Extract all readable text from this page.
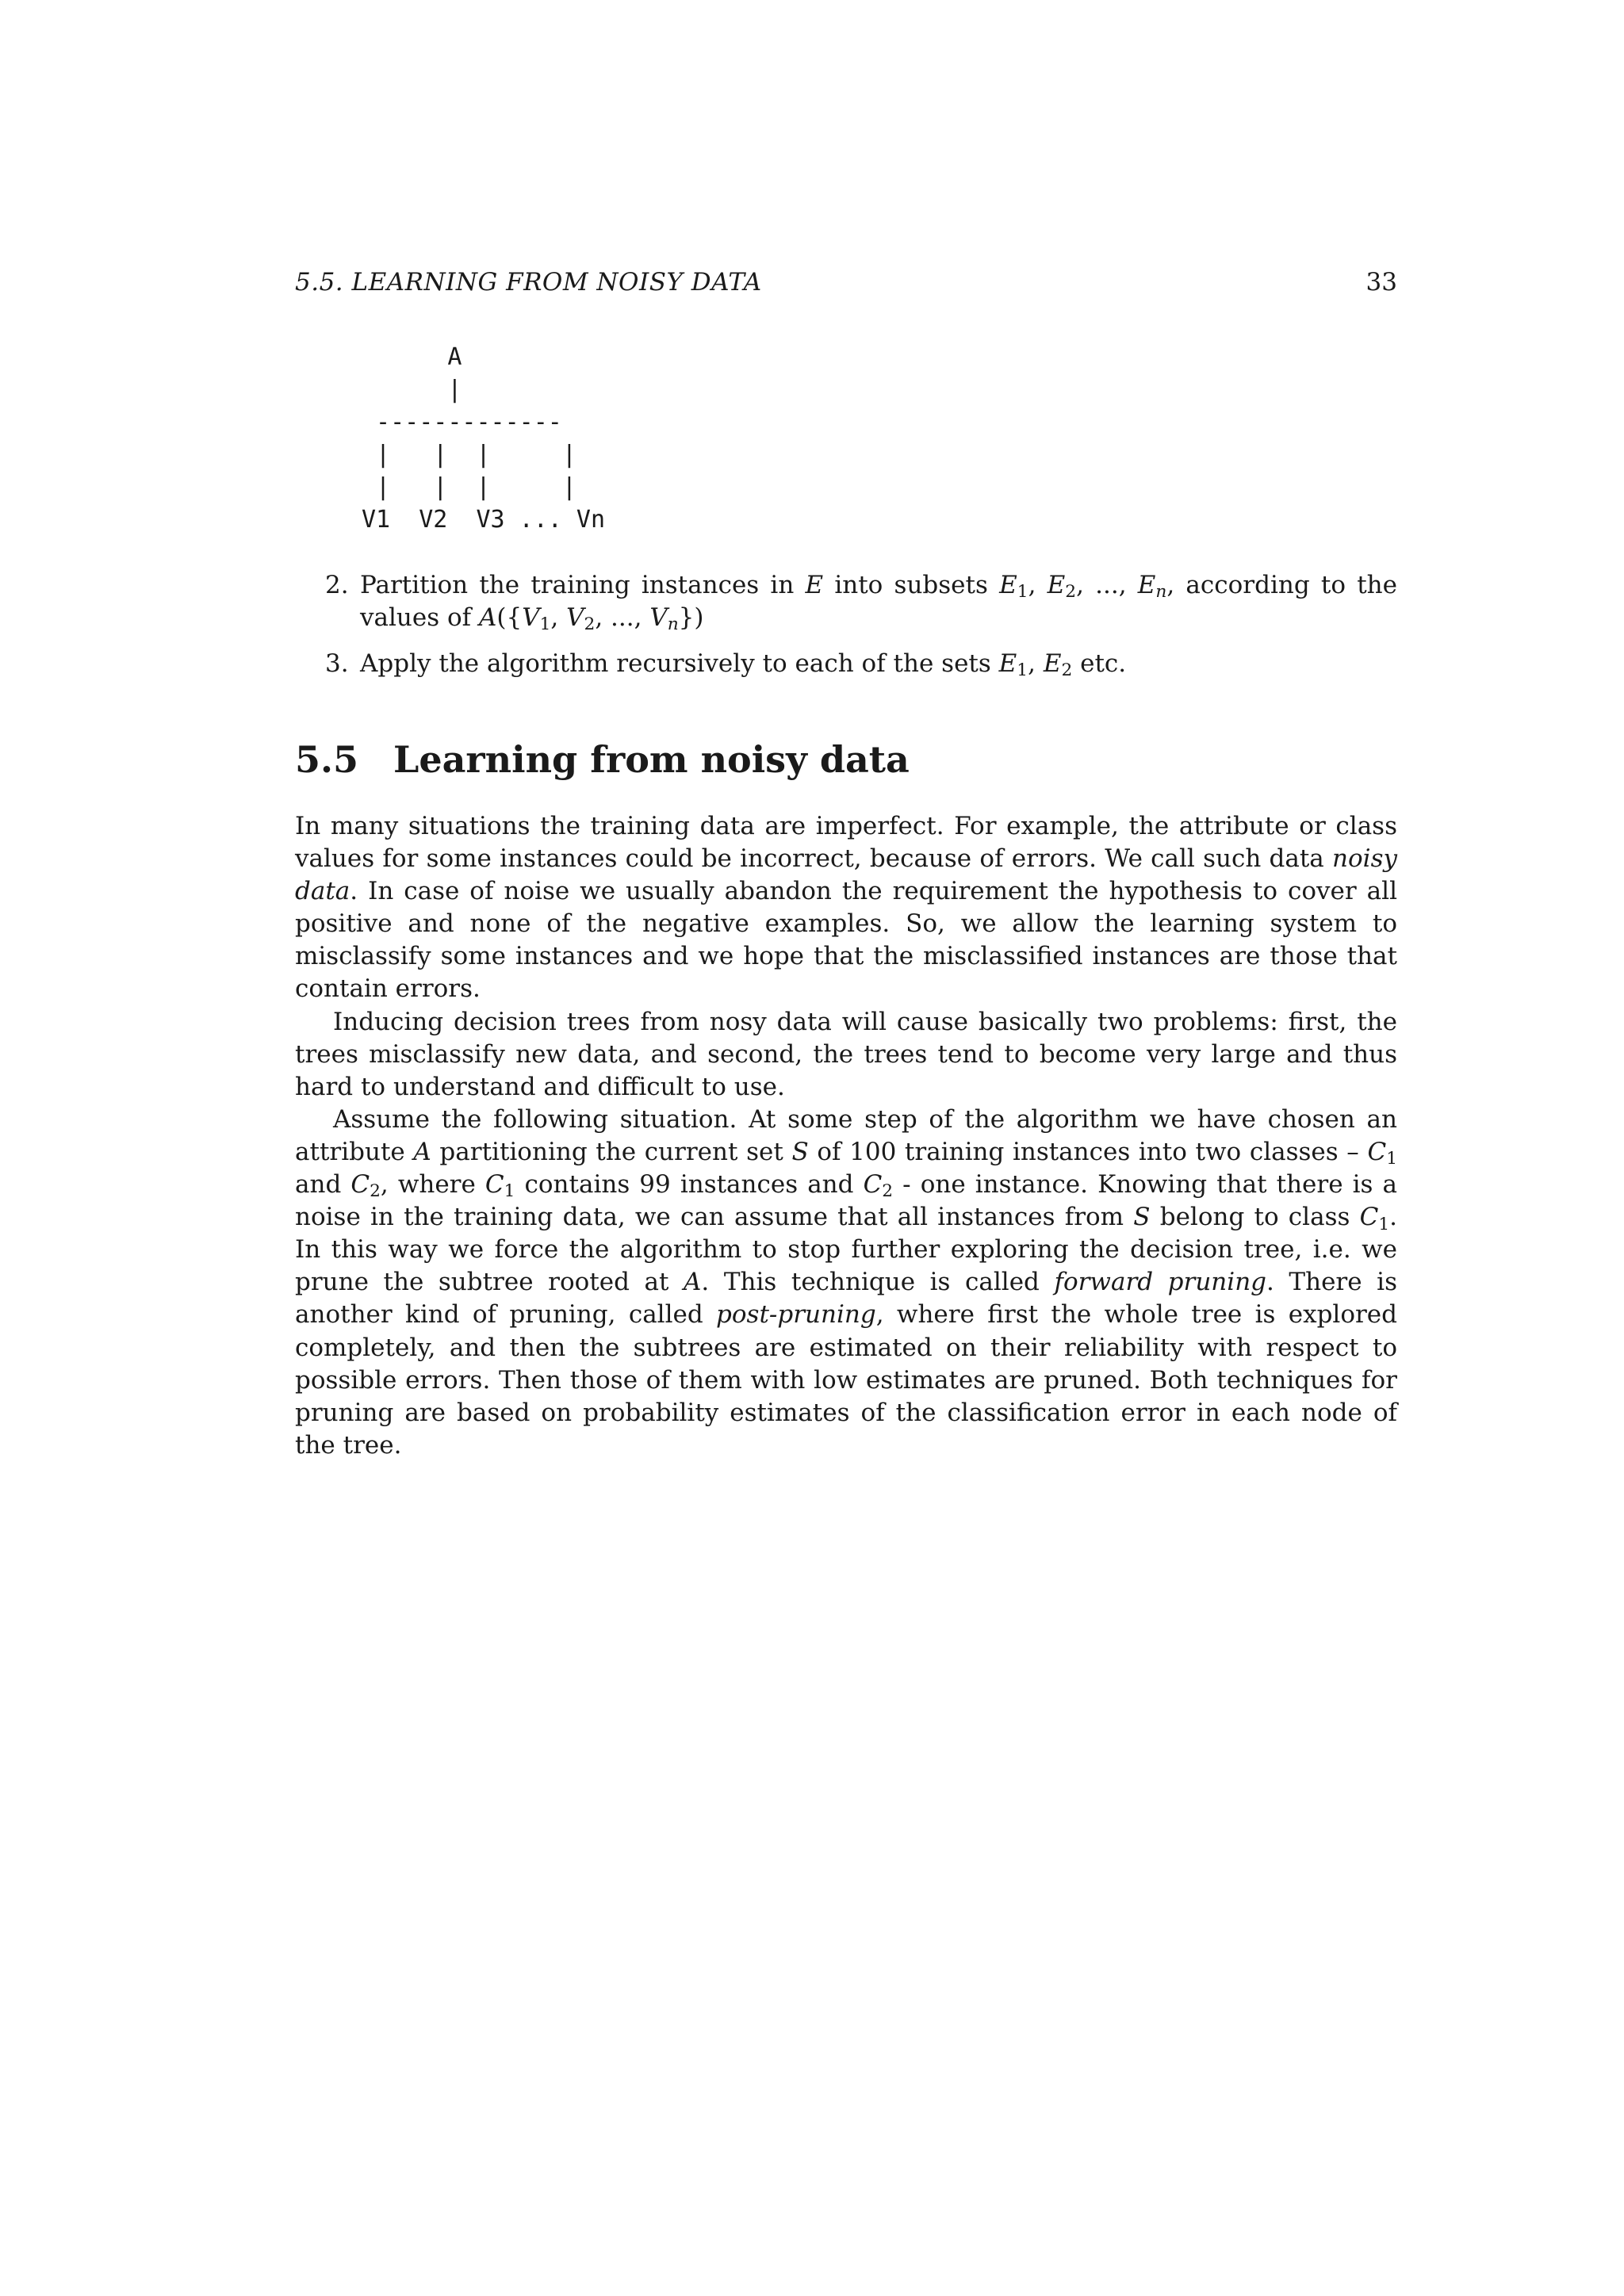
5.5. LEARNING FROM NOISY DATA	33
A
|
-------------
|   |  |     |
|   |  |     |
V1  V2  V3 ... Vn
2. Partition the training instances in E into subsets $E_1$, $E_2$, ..., $E_n$, according to the values of $A(\{V_1$, $V_2$, ..., $V_n$})
3. Apply the algorithm recursively to each of the sets $E_1$, $E_2$ etc.
5.5 Learning from noisy data

In many situations the training data are imperfect. For example, the attribute or class values for some instances could be incorrect, because of errors. We call such data noisy data. In case of noise we usually abandon the requirement the hypothesis to cover all positive and none of the negative examples. So, we allow the learning system to misclassify some instances and we hope that the misclassified instances are those that contain errors.

Inducing decision trees from nosy data will cause basically two problems: first, the trees misclassify new data, and second, the trees tend to become very large and thus hard to understand and difficult to use.

Assume the following situation. At some step of the algorithm we have chosen an attribute A partitioning the current set S of 100 training instances into two classes – $C_1$ and $C_2$, where $C_1$ contains 99 instances and $C_2$ - one instance. Knowing that there is a noise in the training data, we can assume that all instances from S belong to class $C_1$. In this way we force the algorithm to stop further exploring the decision tree, i.e. we prune the subtree rooted at A. This technique is called forward pruning. There is another kind of pruning, called post-pruning, where first the whole tree is explored completely, and then the subtrees are estimated on their reliability with respect to possible errors. Then those of them with low estimates are pruned. Both techniques for pruning are based on probability estimates of the classification error in each node of the tree.
